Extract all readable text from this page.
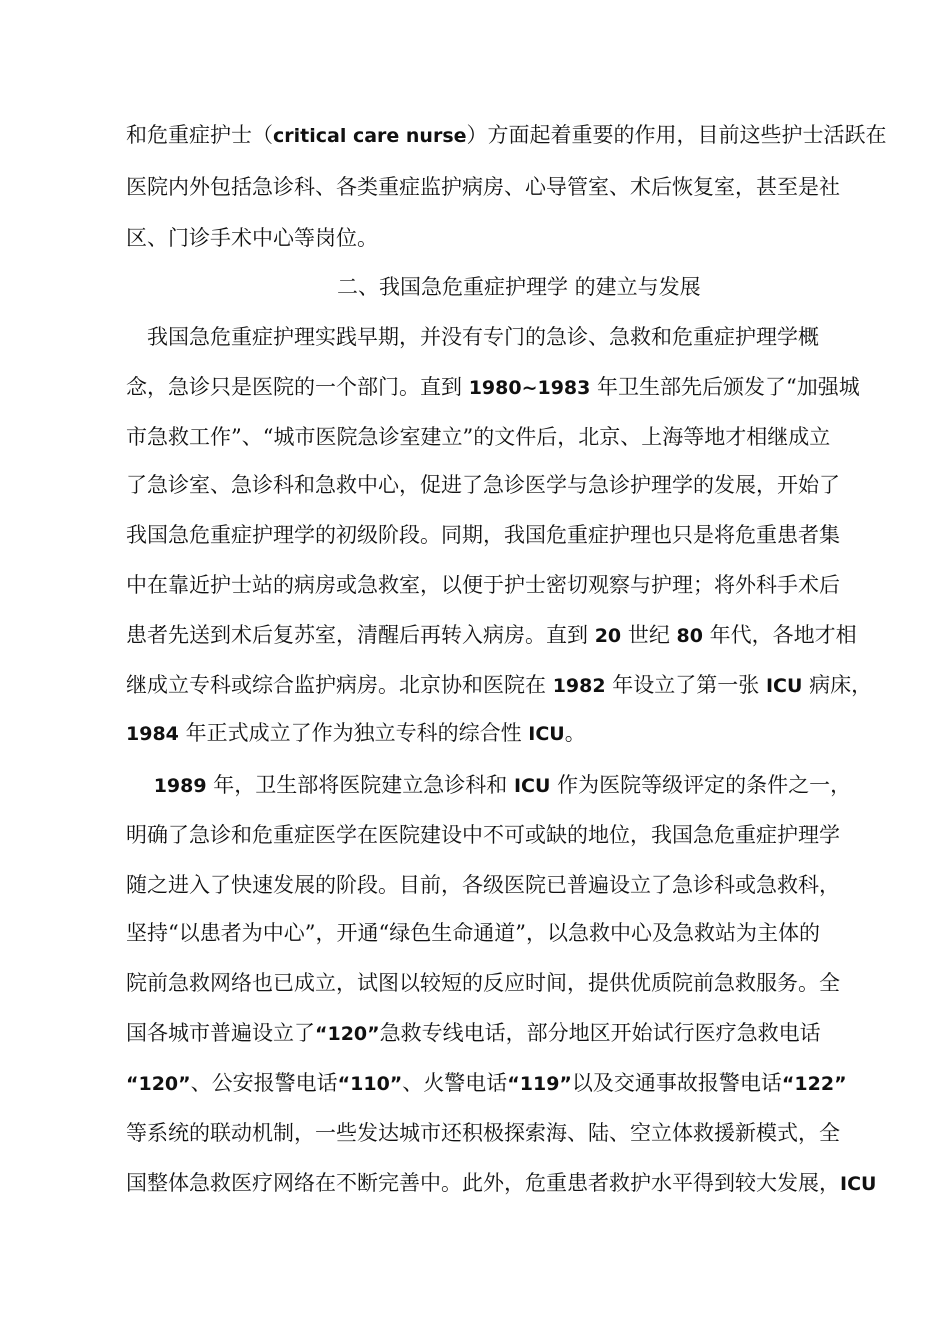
和危重症护士（critical care nurse）方面起着重要的作用，目前这些护士活跃在
医院内外包括急诊科、各类重症监护病房、心导管室、术后恢复室，甚至是社
区、门诊手术中心等岗位。
二、我国急危重症护理学 的建立与发展
　我国急危重症护理实践早期，并没有专门的急诊、急救和危重症护理学概
念，急诊只是医院的一个部门。直到 1980~1983 年卫生部先后颁发了“加强城
市急救工作”、“城市医院急诊室建立”的文件后，北京、上海等地才相继成立
了急诊室、急诊科和急救中心，促进了急诊医学与急诊护理学的发展，开始了
我国急危重症护理学的初级阶段。同期，我国危重症护理也只是将危重患者集
中在靠近护士站的病房或急救室，以便于护士密切观察与护理；将外科手术后
患者先送到术后复苏室，清醒后再转入病房。直到 20 世纪 80 年代，各地才相
继成立专科或综合监护病房。北京协和医院在 1982 年设立了第一张 ICU 病床，
1984 年正式成立了作为独立专科的综合性 ICU。
　 1989 年，卫生部将医院建立急诊科和 ICU 作为医院等级评定的条件之一，
明确了急诊和危重症医学在医院建设中不可或缺的地位，我国急危重症护理学
随之进入了快速发展的阶段。目前，各级医院已普遍设立了急诊科或急救科，
坚持“以患者为中心”，开通“绿色生命通道”，以急救中心及急救站为主体的
院前急救网络也已成立，试图以较短的反应时间，提供优质院前急救服务。全
国各城市普遍设立了“120”急救专线电话，部分地区开始试行医疗急救电话
“120”、公安报警电话“110”、火警电话“119”以及交通事故报警电话“122”
等系统的联动机制，一些发达城市还积极探索海、陆、空立体救援新模式，全
国整体急救医疗网络在不断完善中。此外，危重患者救护水平得到较大发展，ICU
